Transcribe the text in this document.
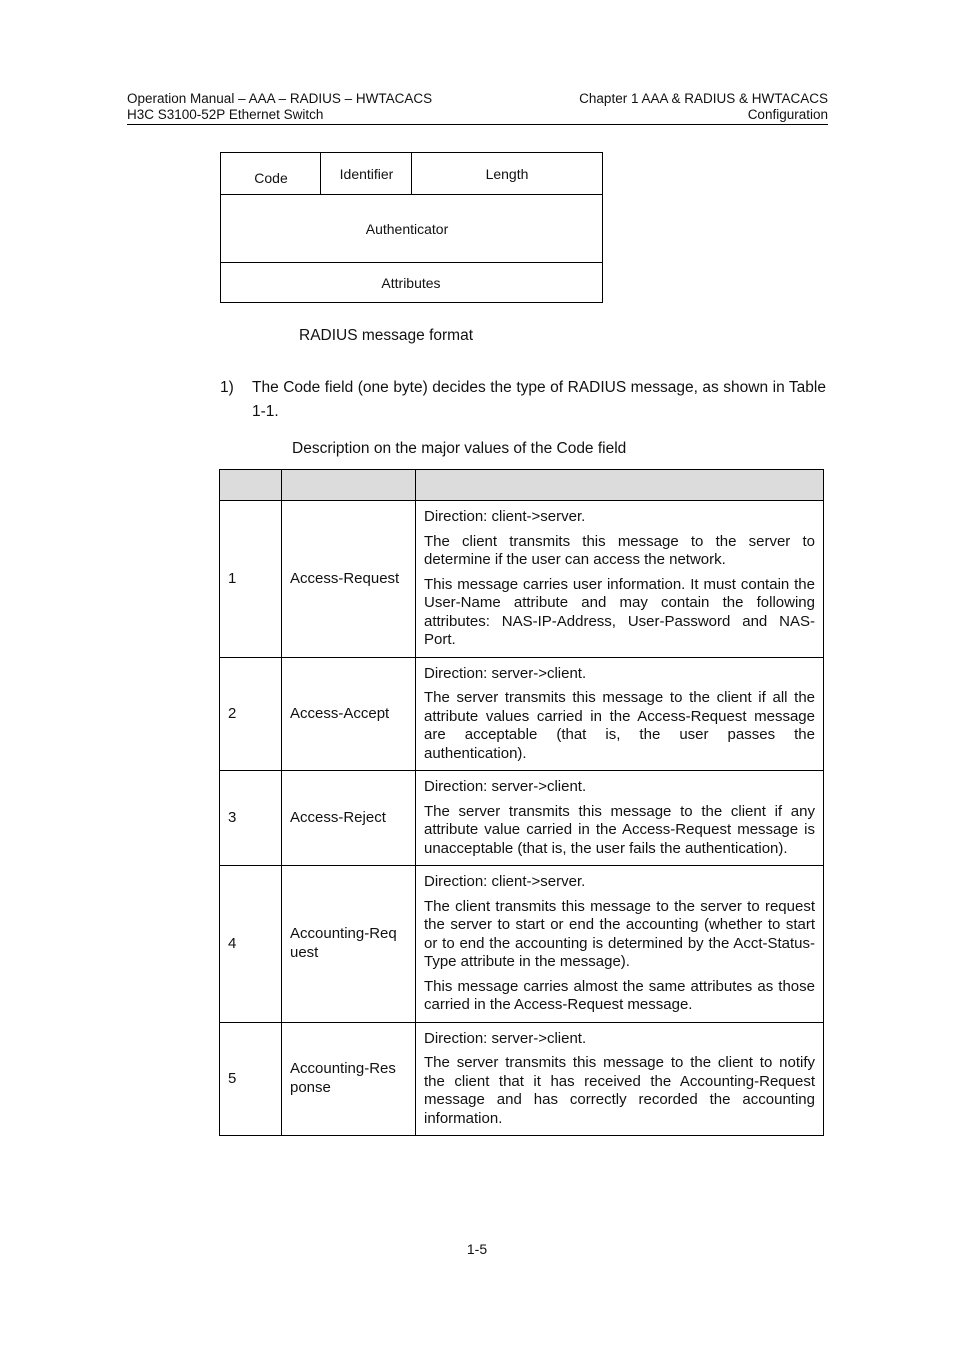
Operation Manual – AAA – RADIUS – HWTACACS
H3C S3100-52P Ethernet Switch
Chapter 1 AAA & RADIUS & HWTACACS
Configuration
Code	Identifier	Length
Authenticator
Attributes
RADIUS message format
1) The Code field (one byte) decides the type of RADIUS message, as shown in Table 1-1.
Description on the major values of the Code field

1	Access-Request	Direction: client->server.

The client transmits this message to the server to determine if the user can access the network.

This message carries user information. It must contain the User-Name attribute and may contain the following attributes: NAS-IP-Address, User-Password and NAS-Port.

2	Access-Accept	Direction: server->client.

The server transmits this message to the client if all the attribute values carried in the Access-Request message are acceptable (that is, the user passes the authentication).

3	Access-Reject	Direction: server->client.

The server transmits this message to the client if any attribute value carried in the Access-Request message is unacceptable (that is, the user fails the authentication).

4	Accounting-Req uest	Direction: client->server.

The client transmits this message to the server to request the server to start or end the accounting (whether to start or to end the accounting is determined by the Acct-Status-Type attribute in the message).

This message carries almost the same attributes as those carried in the Access-Request message.

5	Accounting-Res ponse	Direction: server->client.

The server transmits this message to the client to notify the client that it has received the Accounting-Request message and has correctly recorded the accounting information.

1-5
